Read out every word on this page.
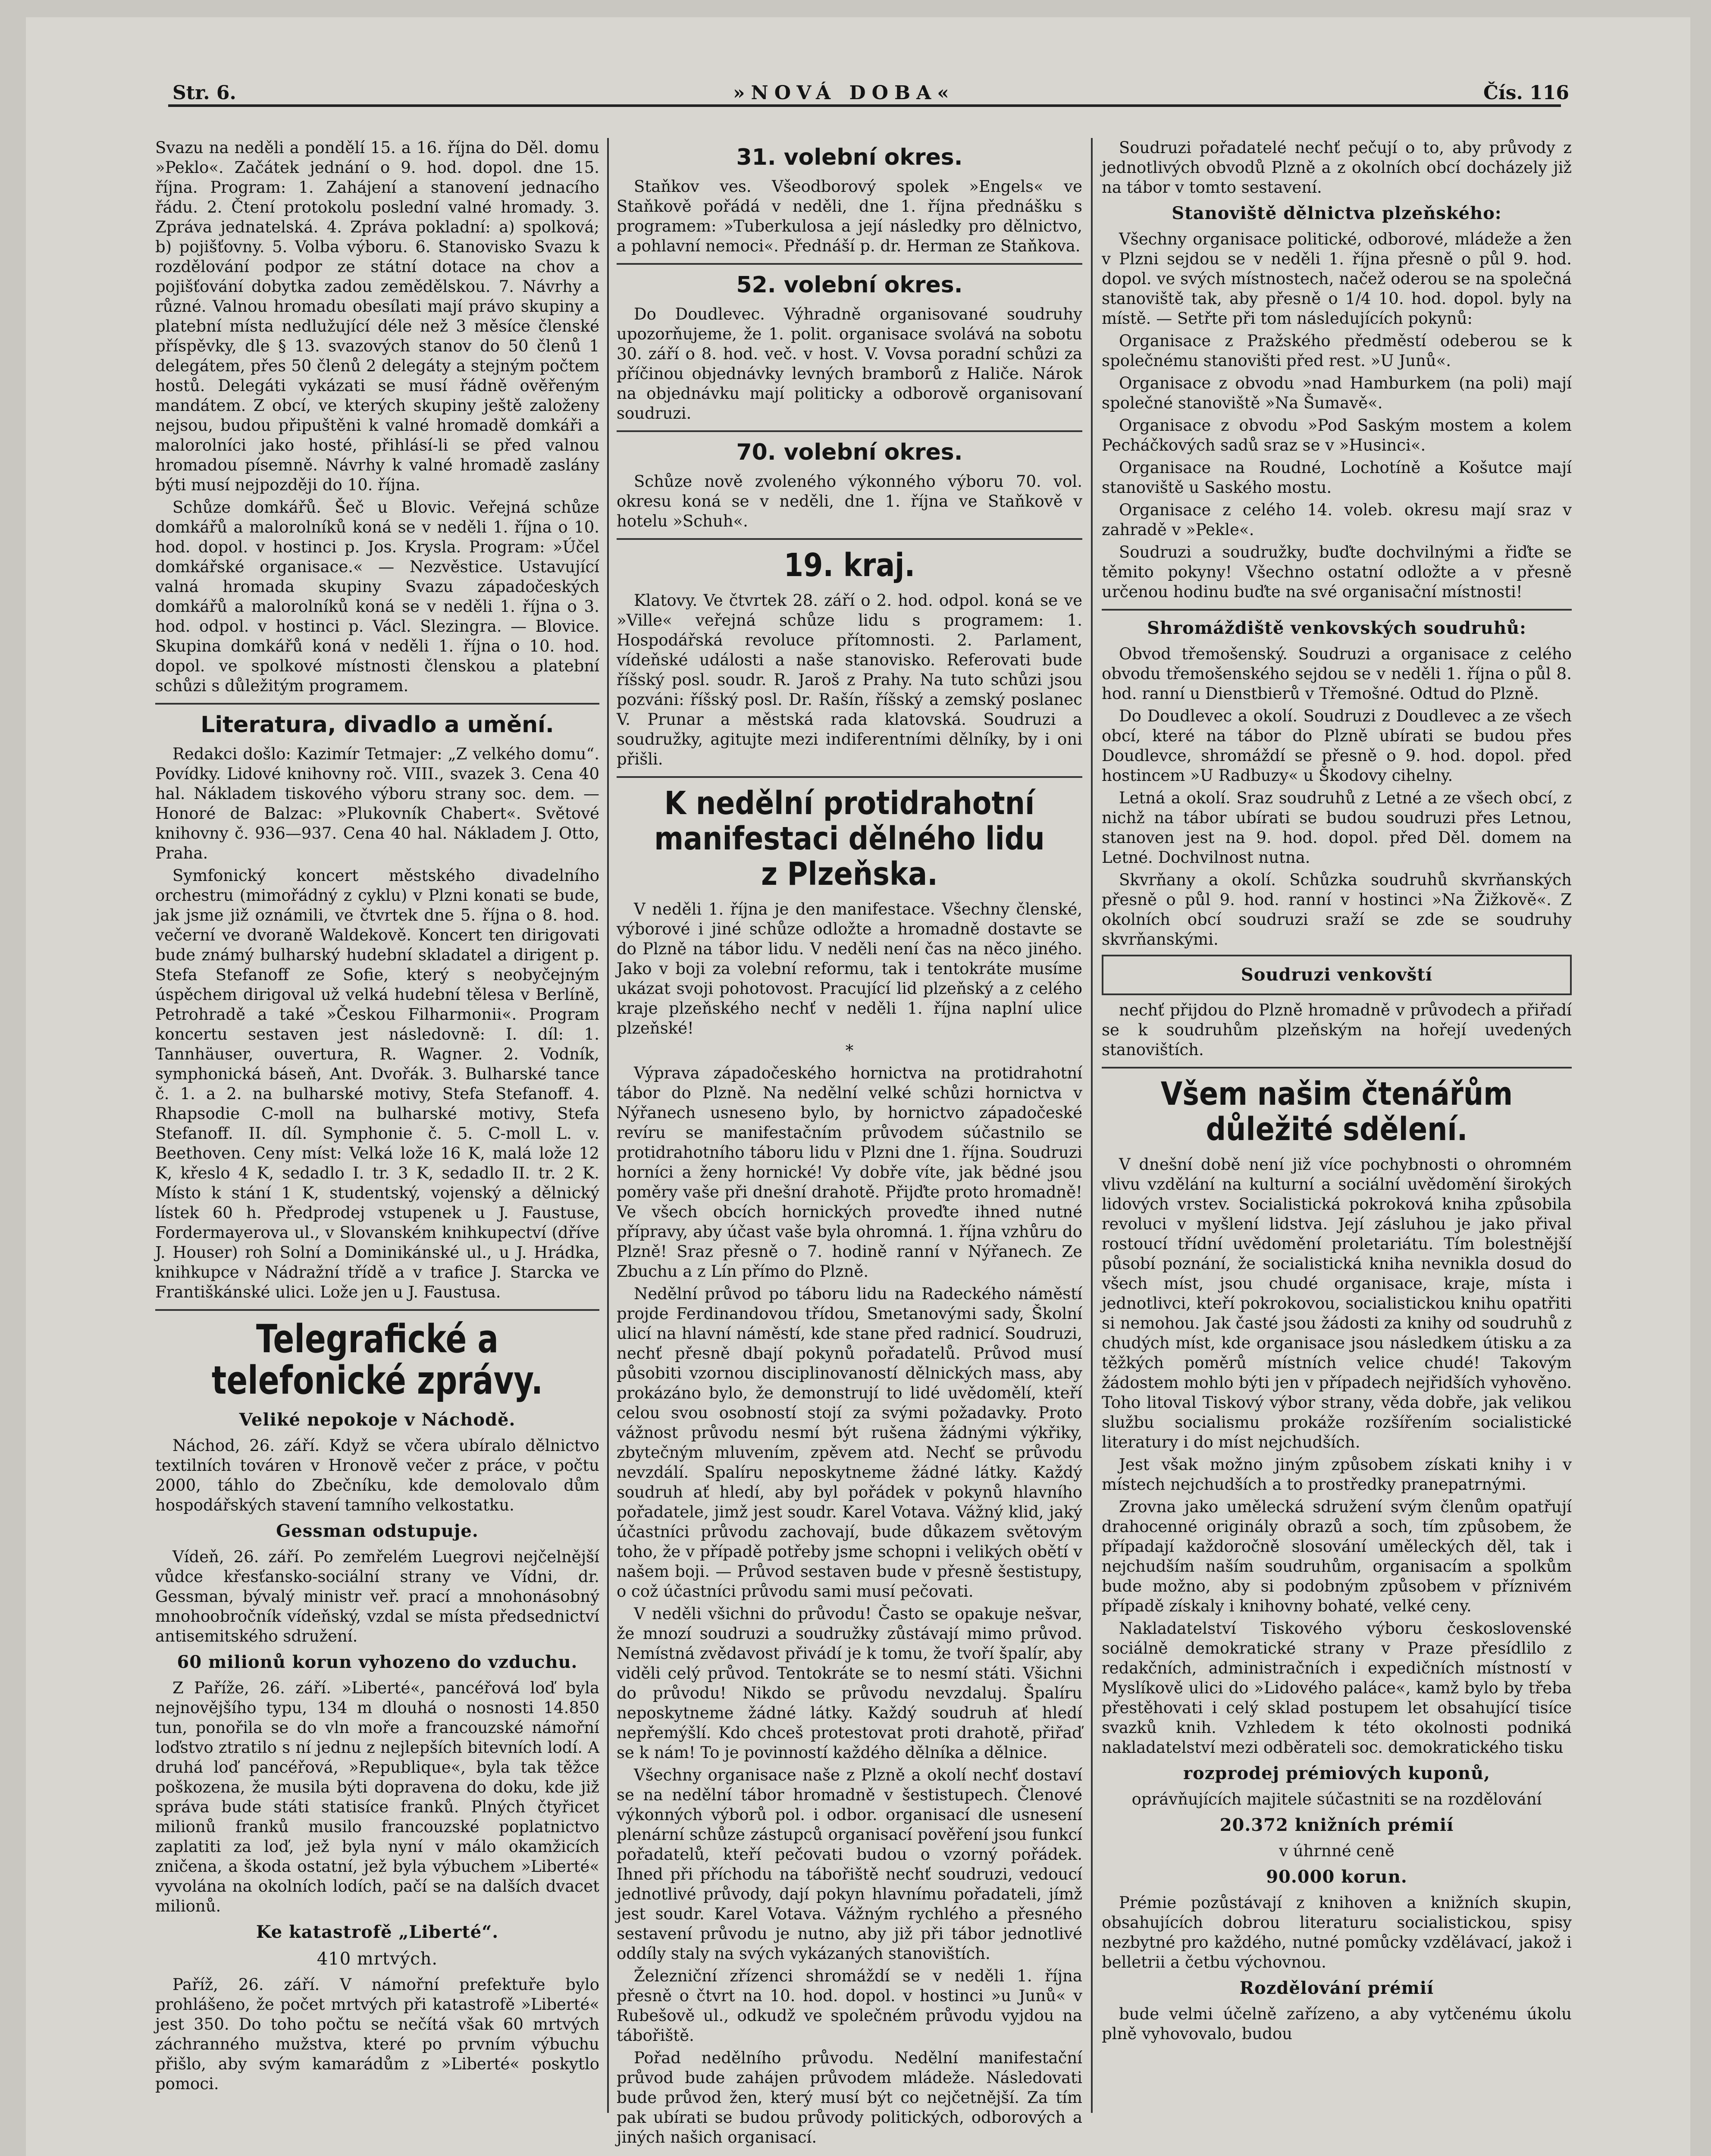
Str. 6.	»NOVÁ DOBA«	Čís. 116

Svazu na neděli a pondělí 15. a 16. října do Děl. domu »Peklo«. Začátek jednání o 9. hod. dopol. dne 15. října. Program: 1. Zahájení a stanovení jednacího řádu. 2. Čtení protokolu poslední valné hromady. 3. Zpráva jednatelská. 4. Zpráva pokladní: a) spolková; b) pojišťovny. 5. Volba výboru. 6. Stanovisko Svazu k rozdělování podpor ze státní dotace na chov a pojišťování dobytka zadou zemědělskou. 7. Návrhy a různé. Valnou hromadu obesílati mají právo skupiny a platební místa nedlužující déle než 3 měsíce členské příspěvky, dle § 13. svazových stanov do 50 členů 1 delegátem, přes 50 členů 2 delegáty a stejným počtem hostů. Delegáti vykázati se musí řádně ověřeným mandátem. Z obcí, ve kterých skupiny ještě založeny nejsou, budou připuštěni k valné hromadě domkáři a malorolníci jako hosté, přihlásí-li se před valnou hromadou písemně. Návrhy k valné hromadě zaslány býti musí nejpozději do 10. října.

Schůze domkářů. Šeč u Blovic. Veřejná schůze domkářů a malorolníků koná se v neděli 1. října o 10. hod. dopol. v hostinci p. Jos. Krysla. Program: »Účel domkářské organisace.« — Nezvěstice. Ustavující valná hromada skupiny Svazu západočeských domkářů a malorolníků koná se v neděli 1. října o 3. hod. odpol. v hostinci p. Václ. Slezingra. — Blovice. Skupina domkářů koná v neděli 1. října o 10. hod. dopol. ve spolkové místnosti členskou a platební schůzi s důležitým programem.

Literatura, divadlo a umění.

Redakci došlo: Kazimír Tetmajer: „Z velkého domu“. Povídky. Lidové knihovny roč. VIII., svazek 3. Cena 40 hal. Nákladem tiskového výboru strany soc. dem. — Honoré de Balzac: »Plukovník Chabert«. Světové knihovny č. 936—937. Cena 40 hal. Nákladem J. Otto, Praha.

Symfonický koncert městského divadelního orchestru (mimořádný z cyklu) v Plzni konati se bude, jak jsme již oznámili, ve čtvrtek dne 5. října o 8. hod. večerní ve dvoraně Waldekově. Koncert ten dirigovati bude známý bulharský hudební skladatel a dirigent p. Stefa Stefanoff ze Sofie, který s neobyčejným úspěchem dirigoval už velká hudební tělesa v Berlíně, Petrohradě a také »Českou Filharmonii«. Program koncertu sestaven jest následovně: I. díl: 1. Tannhäuser, ouvertura, R. Wagner. 2. Vodník, symphonická báseň, Ant. Dvořák. 3. Bulharské tance č. 1. a 2. na bulharské motivy, Stefa Stefanoff. 4. Rhapsodie C-moll na bulharské motivy, Stefa Stefanoff. II. díl. Symphonie č. 5. C-moll L. v. Beethoven. Ceny míst: Velká lože 16 K, malá lože 12 K, křeslo 4 K, sedadlo I. tr. 3 K, sedadlo II. tr. 2 K. Místo k stání 1 K, studentský, vojenský a dělnický lístek 60 h. Předprodej vstupenek u J. Faustuse, Fordermayerova ul., v Slovanském knihkupectví (dříve J. Houser) roh Solní a Dominikánské ul., u J. Hrádka, knihkupce v Nádražní třídě a v trafice J. Starcka ve Františkánské ulici. Lože jen u J. Faustusa.

Telegrafické a telefonické zprávy.
Veliké nepokoje v Náchodě.

Náchod, 26. září. Když se včera ubíralo dělnictvo textilních továren v Hronově večer z práce, v počtu 2000, táhlo do Zbečníku, kde demolovalo dům hospodářských stavení tamního velkostatku.

Gessman odstupuje.

Vídeň, 26. září. Po zemřelém Luegrovi nejčelnější vůdce křesťansko-sociální strany ve Vídni, dr. Gessman, bývalý ministr veř. prací a mnohonásobný mnohoobročník vídeňský, vzdal se místa předsednictví antisemitského sdružení.

60 milionů korun vyhozeno do vzduchu.

Z Paříže, 26. září. »Liberté«, pancéřová loď byla nejnovějšího typu, 134 m dlouhá o nosnosti 14.850 tun, ponořila se do vln moře a francouzské námořní loďstvo ztratilo s ní jednu z nejlepších bitevních lodí. A druhá loď pancéřová, »Republique«, byla tak těžce poškozena, že musila býti dopravena do doku, kde již správa bude státi statisíce franků. Plných čtyřicet milionů franků musilo francouzské poplatnictvo zaplatiti za loď, jež byla nyní v málo okamžicích zničena, a škoda ostatní, jež byla výbuchem »Liberté« vyvolána na okolních lodích, pačí se na dalších dvacet milionů.

Ke katastrofě „Liberté“.
410 mrtvých.

Paříž, 26. září. V námořní prefektuře bylo prohlášeno, že počet mrtvých při katastrofě »Liberté« jest 350. Do toho počtu se nečítá však 60 mrtvých záchranného mužstva, které po prvním výbuchu přišlo, aby svým kamarádům z »Liberté« poskytlo pomoci.

31. volební okres.

Staňkov ves. Všeodborový spolek »Engels« ve Staňkově pořádá v neděli, dne 1. října přednášku s programem: »Tuberkulosa a její následky pro dělnictvo, a pohlavní nemoci«. Přednáší p. dr. Herman ze Staňkova.

52. volební okres.

Do Doudlevec. Výhradně organisované soudruhy upozorňujeme, že 1. polit. organisace svolává na sobotu 30. září o 8. hod. več. v host. V. Vovsa poradní schůzi za příčinou objednávky levných bramborů z Haliče. Nárok na objednávku mají politicky a odborově organisovaní soudruzi.

70. volební okres.

Schůze nově zvoleného výkonného výboru 70. vol. okresu koná se v neděli, dne 1. října ve Staňkově v hotelu »Schuh«.

19. kraj.

Klatovy. Ve čtvrtek 28. září o 2. hod. odpol. koná se ve »Ville« veřejná schůze lidu s programem: 1. Hospodářská revoluce přítomnosti. 2. Parlament, vídeňské události a naše stanovisko. Referovati bude říšský posl. soudr. R. Jaroš z Prahy. Na tuto schůzi jsou pozváni: říšský posl. Dr. Rašín, říšský a zemský poslanec V. Prunar a městská rada klatovská. Soudruzi a soudružky, agitujte mezi indiferentními dělníky, by i oni přišli.

K nedělní protidrahotní manifestaci dělného lidu z Plzeňska.

V neděli 1. října je den manifestace. Všechny členské, výborové i jiné schůze odložte a hromadně dostavte se do Plzně na tábor lidu. V neděli není čas na něco jiného. Jako v boji za volební reformu, tak i tentokráte musíme ukázat svoji pohotovost. Pracující lid plzeňský a z celého kraje plzeňského nechť v neděli 1. října naplní ulice plzeňské!

*

Výprava západočeského hornictva na protidrahotní tábor do Plzně. Na nedělní velké schůzi hornictva v Nýřanech usneseno bylo, by hornictvo západočeské revíru se manifestačním průvodem súčastnilo se protidrahotního táboru lidu v Plzni dne 1. října. Soudruzi horníci a ženy hornické! Vy dobře víte, jak bědné jsou poměry vaše při dnešní drahotě. Přijďte proto hromadně! Ve všech obcích hornických proveďte ihned nutné přípravy, aby účast vaše byla ohromná. 1. října vzhůru do Plzně! Sraz přesně o 7. hodině ranní v Nýřanech. Ze Zbuchu a z Lín přímo do Plzně.

Nedělní průvod po táboru lidu na Radeckého náměstí projde Ferdinandovou třídou, Smetanovými sady, Školní ulicí na hlavní náměstí, kde stane před radnicí. Soudruzi, nechť přesně dbají pokynů pořadatelů. Průvod musí působiti vzornou disciplinovaností dělnických mass, aby prokázáno bylo, že demonstrují to lidé uvědomělí, kteří celou svou osobností stojí za svými požadavky. Proto vážnost průvodu nesmí být rušena žádnými výkřiky, zbytečným mluvením, zpěvem atd. Nechť se průvodu nevzdálí. Spalíru neposkytneme žádné látky. Každý soudruh ať hledí, aby byl pořádek v pokynů hlavního pořadatele, jimž jest soudr. Karel Votava. Vážný klid, jaký účastníci průvodu zachovají, bude důkazem světovým toho, že v případě potřeby jsme schopni i velikých obětí v našem boji. — Průvod sestaven bude v přesně šestistupy, o což účastníci průvodu sami musí pečovati.

V neděli všichni do průvodu! Často se opakuje nešvar, že mnozí soudruzi a soudružky zůstávají mimo průvod. Nemístná zvědavost přivádí je k tomu, že tvoří špalír, aby viděli celý průvod. Tentokráte se to nesmí státi. Všichni do průvodu! Nikdo se průvodu nevzdaluj. Špalíru neposkytneme žádné látky. Každý soudruh ať hledí nepřemýšlí. Kdo chceš protestovat proti drahotě, přiřaď se k nám! To je povinností každého dělníka a dělnice.

Všechny organisace naše z Plzně a okolí nechť dostaví se na nedělní tábor hromadně v šestistupech. Členové výkonných výborů pol. i odbor. organisací dle usnesení plenární schůze zástupců organisací pověření jsou funkcí pořadatelů, kteří pečovati budou o vzorný pořádek. Ihned při příchodu na tábořiště nechť soudruzi, vedoucí jednotlivé průvody, dají pokyn hlavnímu pořadateli, jímž jest soudr. Karel Votava. Vážným rychlého a přesného sestavení průvodu je nutno, aby již při tábor jednotlivé oddíly staly na svých vykázaných stanovištích.

Železniční zřízenci shromáždí se v neděli 1. října přesně o čtvrt na 10. hod. dopol. v hostinci »u Junů« v Rubešově ul., odkudž ve společném průvodu vyjdou na tábořiště.

Pořad nedělního průvodu. Nedělní manifestační průvod bude zahájen průvodem mládeže. Následovati bude průvod žen, který musí být co nejčetnější. Za tím pak ubírati se budou průvody politických, odborových a jiných našich organisací.

Soudruzi pořadatelé nechť pečují o to, aby průvody z jednotlivých obvodů Plzně a z okolních obcí docházely již na tábor v tomto sestavení.

Stanoviště dělnictva plzeňského:

Všechny organisace politické, odborové, mládeže a žen v Plzni sejdou se v neděli 1. října přesně o půl 9. hod. dopol. ve svých místnostech, načež oderou se na společná stanoviště tak, aby přesně o 1/4 10. hod. dopol. byly na místě. — Setřte při tom následujících pokynů:

Organisace z Pražského předměstí odeberou se k společnému stanovišti před rest. »U Junů«.

Organisace z obvodu »nad Hamburkem (na poli) mají společné stanoviště »Na Šumavě«.

Organisace z obvodu »Pod Saským mostem a kolem Pecháčkových sadů sraz se v »Husinci«.

Organisace na Roudné, Lochotíně a Košutce mají stanoviště u Saského mostu.

Organisace z celého 14. voleb. okresu mají sraz v zahradě v »Pekle«.

Soudruzi a soudružky, buďte dochvilnými a řiďte se těmito pokyny! Všechno ostatní odložte a v přesně určenou hodinu buďte na své organisační místnosti!

Shromáždiště venkovských soudruhů:

Obvod třemošenský. Soudruzi a organisace z celého obvodu třemošenského sejdou se v neděli 1. října o půl 8. hod. ranní u Dienstbierů v Třemošné. Odtud do Plzně.

Do Doudlevec a okolí. Soudruzi z Doudlevec a ze všech obcí, které na tábor do Plzně ubírati se budou přes Doudlevce, shromáždí se přesně o 9. hod. dopol. před hostincem »U Radbuzy« u Škodovy cihelny.

Letná a okolí. Sraz soudruhů z Letné a ze všech obcí, z nichž na tábor ubírati se budou soudruzi přes Letnou, stanoven jest na 9. hod. dopol. před Děl. domem na Letné. Dochvilnost nutna.

Skvrňany a okolí. Schůzka soudruhů skvrňanských přesně o půl 9. hod. ranní v hostinci »Na Žižkově«. Z okolních obcí soudruzi sraží se zde se soudruhy skvrňanskými.

Soudruzi venkovští

nechť přijdou do Plzně hromadně v průvodech a přiřadí se k soudruhům plzeňským na hořejí uvedených stanovištích.

Všem našim čtenářům důležité sdělení.

V dnešní době není již více pochybnosti o ohromném vlivu vzdělání na kulturní a sociální uvědomění širokých lidových vrstev. Socialistická pokroková kniha způsobila revoluci v myšlení lidstva. Její zásluhou je jako přival rostoucí třídní uvědomění proletariátu. Tím bolestnější působí poznání, že socialistická kniha nevnikla dosud do všech míst, jsou chudé organisace, kraje, místa i jednotlivci, kteří pokrokovou, socialistickou knihu opatřiti si nemohou. Jak časté jsou žádosti za knihy od soudruhů z chudých míst, kde organisace jsou následkem útisku a za těžkých poměrů místních velice chudé! Takovým žádostem mohlo býti jen v případech nejřidších vyhověno. Toho litoval Tiskový výbor strany, věda dobře, jak velikou službu socialismu prokáže rozšířením socialistické literatury i do míst nejchudších.

Jest však možno jiným způsobem získati knihy i v místech nejchudších a to prostředky pranepatrnými.

Zrovna jako umělecká sdružení svým členům opatřují drahocenné originály obrazů a soch, tím způsobem, že případají každoročně slosování uměleckých děl, tak i nejchudším naším soudruhům, organisacím a spolkům bude možno, aby si podobným způsobem v příznivém případě získaly i knihovny bohaté, velké ceny.

Nakladatelství Tiskového výboru československé sociálně demokratické strany v Praze přesídlilo z redakčních, administračních i expedičních místností v Myslíkově ulici do »Lidového paláce«, kamž bylo by třeba přestěhovati i celý sklad postupem let obsahující tisíce svazků knih. Vzhledem k této okolnosti podniká nakladatelství mezi odběrateli soc. demokratického tisku

rozprodej prémiových kuponů,

oprávňujících majitele súčastniti se na rozdělování

20.372 knižních prémií

v úhrnné ceně

90.000 korun.

Prémie pozůstávají z knihoven a knižních skupin, obsahujících dobrou literaturu socialistickou, spisy nezbytné pro každého, nutné pomůcky vzdělávací, jakož i belletrii a četbu výchovnou.

Rozdělování prémií

bude velmi účelně zařízeno, a aby vytčenému úkolu plně vyhovovalo, budou
